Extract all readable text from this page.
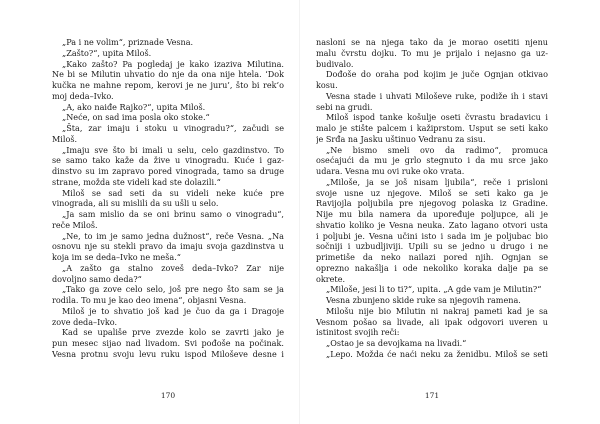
„Pa i ne volim“, priznade Vesna.
„Zašto?“, upita Miloš.
„Kako zašto? Pa pogledaj je kako izaziva Milutina.
Ne bi se Milutin uhvatio do nje da ona nije htela. ‘Dok
kučka ne mahne repom, kerovi je ne juru’, što bi rek’o
moj deda–Ivko.
„A, ako naiđe Rajko?“, upita Miloš.
„Neće, on sad ima posla oko stoke.“
„Šta, zar imaju i stoku u vinogradu?“, začudi se
Miloš.
„Imaju sve što bi imali u selu, celo gazdinstvo. To
se samo tako kaže da žive u vinogradu. Kuće i gaz-
dinstvo su im zapravo pored vinograda, tamo sa druge
strane, možda ste videli kad ste dolazili.“
Miloš se sad seti da su videli neke kuće pre
vinograda, ali su mislili da su ušli u selo.
„Ja sam mislio da se oni brinu samo o vinogradu“,
reče Miloš.
„Ne, to im je samo jedna dužnost“, reče Vesna. „Na
osnovu nje su stekli pravo da imaju svoja gazdinstva u
koja im se deda–Ivko ne meša.“
„A zašto ga stalno zoveš deda–Ivko? Zar nije
dovoljno samo deda?“
„Tako ga zove celo selo, još pre nego što sam se ja
rodila. To mu je kao deo imena“, objasni Vesna.
Miloš je to shvatio još kad je čuo da ga i Dragoje
zove deda–Ivko.
Kad se upališe prve zvezde kolo se zavrti jako je
pun mesec sijao nad livadom. Svi pođoše na počinak.
Vesna protnu svoju levu ruku ispod Miloševe desne i
170
nasloni se na njega tako da je morao osetiti njenu
malu čvrstu dojku. To mu je prijalo i nejasno ga uz-
budivalo.
Dođoše do oraha pod kojim je juče Ognjan otkivao
kosu.
Vesna stade i uhvati Miloševe ruke, podiže ih i stavi
sebi na grudi.
Miloš ispod tanke košulje oseti čvrastu bradavicu i
malo je stište palcem i kažiprstom. Usput se seti kako
je Srđa na Jasku uštinuo Vedranu za sisu.
„Ne bismo smeli ovo da radimo“, promuca
osećajući da mu je grlo stegnuto i da mu srce jako
udara. Vesna mu ovi ruke oko vrata.
„Miloše, ja se još nisam ljubila“, reče i prisloni
svoje usne uz njegove. Miloš se seti kako ga je
Ravijojla poljubila pre njegovog polaska iz Gradine.
Nije mu bila namera da upoređuje poljupce, ali je
shvatio koliko je Vesna neuka. Zato lagano otvori usta
i poljubi je. Vesna učini isto i sada im je poljubac bio
sočniji i uzbudljiviji. Upili su se jedno u drugo i ne
primetiše da neko nailazi pored njih. Ognjan se
oprezno nakašlja i ode nekoliko koraka dalje pa se
okrete.
„Miloše, jesi li to ti?“, upita. „A gde vam je Milutin?“
Vesna zbunjeno skide ruke sa njegovih ramena.
Milošu nije bio Milutin ni nakraj pameti kad je sa
Vesnom pošao sa livade, ali ipak odgovori uveren u
istinitost svojih reči:
„Ostao je sa devojkama na livadi.“
„Lepo. Možda će naći neku za ženidbu. Miloš se seti
171
